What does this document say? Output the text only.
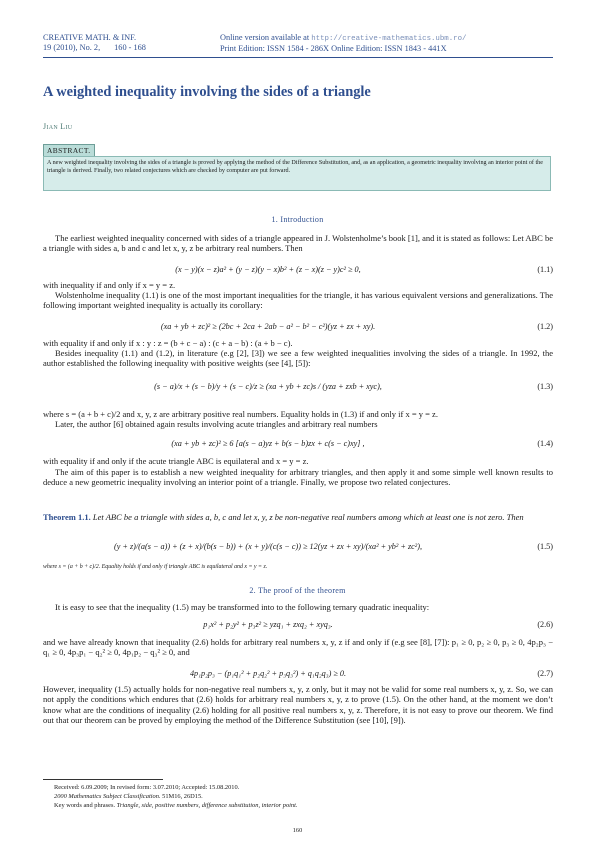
CREATIVE MATH. & INF.
19 (2010), No. 2, 160 - 168
Online version available at http://creative-mathematics.ubm.ro/
Print Edition: ISSN 1584 - 286X Online Edition: ISSN 1843 - 441X
A weighted inequality involving the sides of a triangle
Jian Liu
ABSTRACT.
A new weighted inequality involving the sides of a triangle is proved by applying the method of the Difference Substitution, and, as an application, a geometric inequality involving an interior point of the triangle is derived. Finally, two related conjectures which are checked by computer are put forward.
1. Introduction
The earliest weighted inequality concerned with sides of a triangle appeared in J. Wolstenholme’s book [1], and it is stated as follows: Let ABC be a triangle with sides a, b and c and let x, y, z be arbitrary real numbers. Then
(x − y)(x − z)a² + (y − z)(y − x)b² + (z − x)(z − y)c² ≥ 0,	(1.1)
with inequality if and only if x = y = z.
Wolstenholme inequality (1.1) is one of the most important inequalities for the triangle, it has various equivalent versions and generalizations. The following important weighted inequality is actually its corollary:
(xa + yb + zc)² ≥ (2bc + 2ca + 2ab − a² − b² − c²)(yz + zx + xy).	(1.2)
with equality if and only if x : y : z = (b + c − a) : (c + a − b) : (a + b − c).
Besides inequality (1.1) and (1.2), in literature (e.g [2], [3]) we see a few weighted inequalities involving the sides of a triangle. In 1992, the author established the following inequality with positive weights (see [4], [5]):
(s − a)/x + (s − b)/y + (s − c)/z ≥ (xa + yb + zc)s / (yza + zxb + xyc),	(1.3)
where s = (a + b + c)/2 and x, y, z are arbitrary positive real numbers. Equality holds in (1.3) if and only if x = y = z.
Later, the author [6] obtained again results involving acute triangles and arbitrary real numbers
(xa + yb + zc)² ≥ 6 [a(s − a)yz + b(s − b)zx + c(s − c)xy] ,	(1.4)
with equality if and only if the acute triangle ABC is equilateral and x = y = z.
The aim of this paper is to establish a new weighted inequality for arbitrary triangles, and then apply it and some simple well known results to deduce a new geometric inequality involving an interior point of a triangle. Finally, we propose two related conjectures.
Theorem 1.1. Let ABC be a triangle with sides a, b, c and let x, y, z be non-negative real numbers among which at least one is not zero. Then
(y + z)/(a(s − a)) + (z + x)/(b(s − b)) + (x + y)/(c(s − c)) ≥ 12(yz + zx + xy)/(xa² + yb² + zc²),	(1.5)
where s = (a + b + c)/2. Equality holds if and only if triangle ABC is equilateral and x = y = z.
2. The proof of the theorem
It is easy to see that the inequality (1.5) may be transformed into to the following ternary quadratic inequality:
p₁x² + p₂y² + p₃z² ≥ yzq₁ + zxq₂ + xyq₃.	(2.6)
and we have already known that inequality (2.6) holds for arbitrary real numbers x, y, z if and only if (e.g see [8], [7]): p₁ ≥ 0, p₂ ≥ 0, p₃ ≥ 0, 4p₂p₃ − q₁ ≥ 0, 4p₃p₁ − q₂² ≥ 0, 4p₁p₂ − q₃² ≥ 0, and
4p₁p₂p₃ − (p₁q₁² + p₂q₂² + p₃q₃²) + q₁q₂q₃) ≥ 0.	(2.7)
However, inequality (1.5) actually holds for non-negative real numbers x, y, z only, but it may not be valid for some real numbers x, y, z. So, we can not apply the conditions which endures that (2.6) holds for arbitrary real numbers x, y, z to prove (1.5). On the other hand, at the moment we don’t know what are the conditions of inequality (2.6) holding for all positive real numbers x, y, z. Therefore, it is not easy to prove our theorem. We find out that our theorem can be proved by employing the method of the Difference Substitution (see [10], [9]).
Received: 6.09.2009; In revised form: 3.07.2010; Accepted: 15.08.2010.
2000 Mathematics Subject Classification. 51M16, 26D15.
Key words and phrases. Triangle, side, positive numbers, difference substitution, interior point.
160
